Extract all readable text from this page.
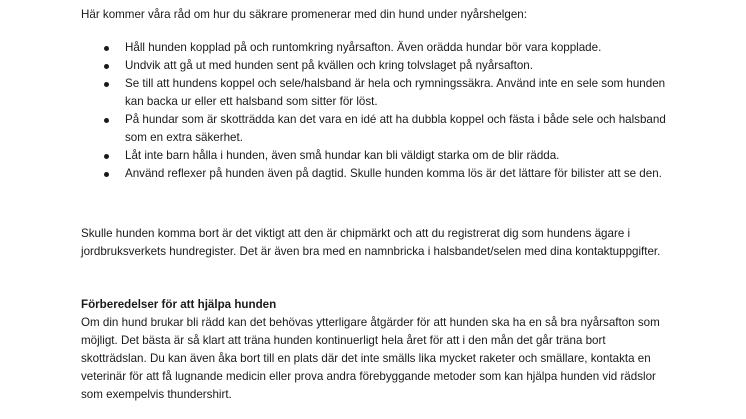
Här kommer våra råd om hur du säkrare promenerar med din hund under nyårshelgen:

Håll hunden kopplad på och runtomkring nyårsafton. Även orädda hundar bör vara kopplade.
Undvik att gå ut med hunden sent på kvällen och kring tolvslaget på nyårsafton.
Se till att hundens koppel och sele/halsband är hela och rymningssäkra. Använd inte en sele som hunden kan backa ur eller ett halsband som sitter för löst.
På hundar som är skotträdda kan det vara en idé att ha dubbla koppel och fästa i både sele och halsband som en extra säkerhet.
Låt inte barn hålla i hunden, även små hundar kan bli väldigt starka om de blir rädda.
Använd reflexer på hunden även på dagtid. Skulle hunden komma lös är det lättare för bilister att se den.

Skulle hunden komma bort är det viktigt att den är chipmärkt och att du registrerat dig som hundens ägare i jordbruksverkets hundregister. Det är även bra med en namnbricka i halsbandet/selen med dina kontaktuppgifter.

Förberedelser för att hjälpa hunden

Om din hund brukar bli rädd kan det behövas ytterligare åtgärder för att hunden ska ha en så bra nyårsafton som möjligt. Det bästa är så klart att träna hunden kontinuerligt hela året för att i den mån det går träna bort skotträdslan. Du kan även åka bort till en plats där det inte smälls lika mycket raketer och smällare, kontakta en veterinär för att få lugnande medicin eller prova andra förebyggande metoder som kan hjälpa hunden vid rädslor som exempelvis thundershirt.
